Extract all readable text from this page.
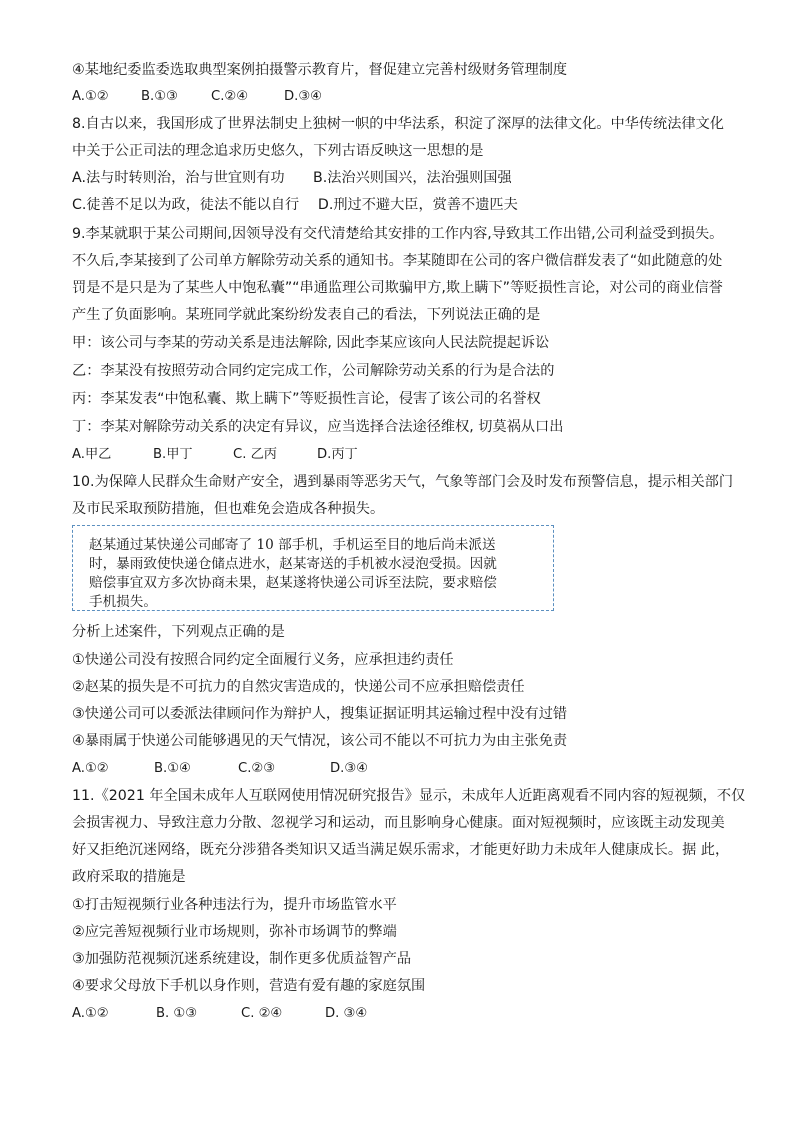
④某地纪委监委选取典型案例拍摄警示教育片，督促建立完善村级财务管理制度
A.①② B.①③	C.②④	D.③④
8.自古以来，我国形成了世界法制史上独树一帜的中华法系，积淀了深厚的法律文化。中华传统法律文化
中关于公正司法的理念追求历史悠久，下列古语反映这一思想的是
A.法与时转则治，治与世宜则有功　　B.法治兴则国兴，法治强则国强
C.徒善不足以为政，徒法不能以自行　 D.刑过不避大臣，赏善不遗匹夫
9.李某就职于某公司期间,因领导没有交代清楚给其安排的工作内容,导致其工作出错,公司利益受到损失。
不久后,李某接到了公司单方解除劳动关系的通知书。李某随即在公司的客户微信群发表了“如此随意的处
罚是不是只是为了某些人中饱私囊”“串通监理公司欺骗甲方,欺上瞒下”等贬损性言论，对公司的商业信誉
产生了负面影响。某班同学就此案纷纷发表自己的看法，下列说法正确的是
甲：该公司与李某的劳动关系是违法解除, 因此李某应该向人民法院提起诉讼
乙：李某没有按照劳动合同约定完成工作，公司解除劳动关系的行为是合法的
丙：李某发表“中饱私囊、欺上瞒下”等贬损性言论，侵害了该公司的名誉权
丁：李某对解除劳动关系的决定有异议，应当选择合法途径维权, 切莫祸从口出
A.甲乙	B.甲丁	C. 乙丙	D.丙丁
10.为保障人民群众生命财产安全，遇到暴雨等恶劣天气，气象等部门会及时发布预警信息，提示相关部门
及市民采取预防措施，但也难免会造成各种损失。
赵某通过某快递公司邮寄了 10 部手机，手机运至目的地后尚未派送
时，暴雨致使快递仓储点进水，赵某寄送的手机被水浸泡受损。因就
赔偿事宜双方多次协商未果，赵某遂将快递公司诉至法院，要求赔偿
手机损失。
分析上述案件，下列观点正确的是
①快递公司没有按照合同约定全面履行义务，应承担违约责任
②赵某的损失是不可抗力的自然灾害造成的，快递公司不应承担赔偿责任
③快递公司可以委派法律顾问作为辩护人，搜集证据证明其运输过程中没有过错
④暴雨属于快递公司能够遇见的天气情况，该公司不能以不可抗力为由主张免责
A.①②	B.①④	C.②③	D.③④
11.《2021 年全国未成年人互联网使用情况研究报告》显示，未成年人近距离观看不同内容的短视频，不仅
会损害视力、导致注意力分散、忽视学习和运动，而且影响身心健康。面对短视频时，应该既主动发现美
好又拒绝沉迷网络，既充分涉猎各类知识又适当满足娱乐需求，才能更好助力未成年人健康成长。据 此，
政府采取的措施是
①打击短视频行业各种违法行为，提升市场监管水平
②应完善短视频行业市场规则，弥补市场调节的弊端
③加强防范视频沉迷系统建设，制作更多优质益智产品
④要求父母放下手机以身作则，营造有爱有趣的家庭氛围
A.①②	B. ①③	C. ②④	D. ③④
